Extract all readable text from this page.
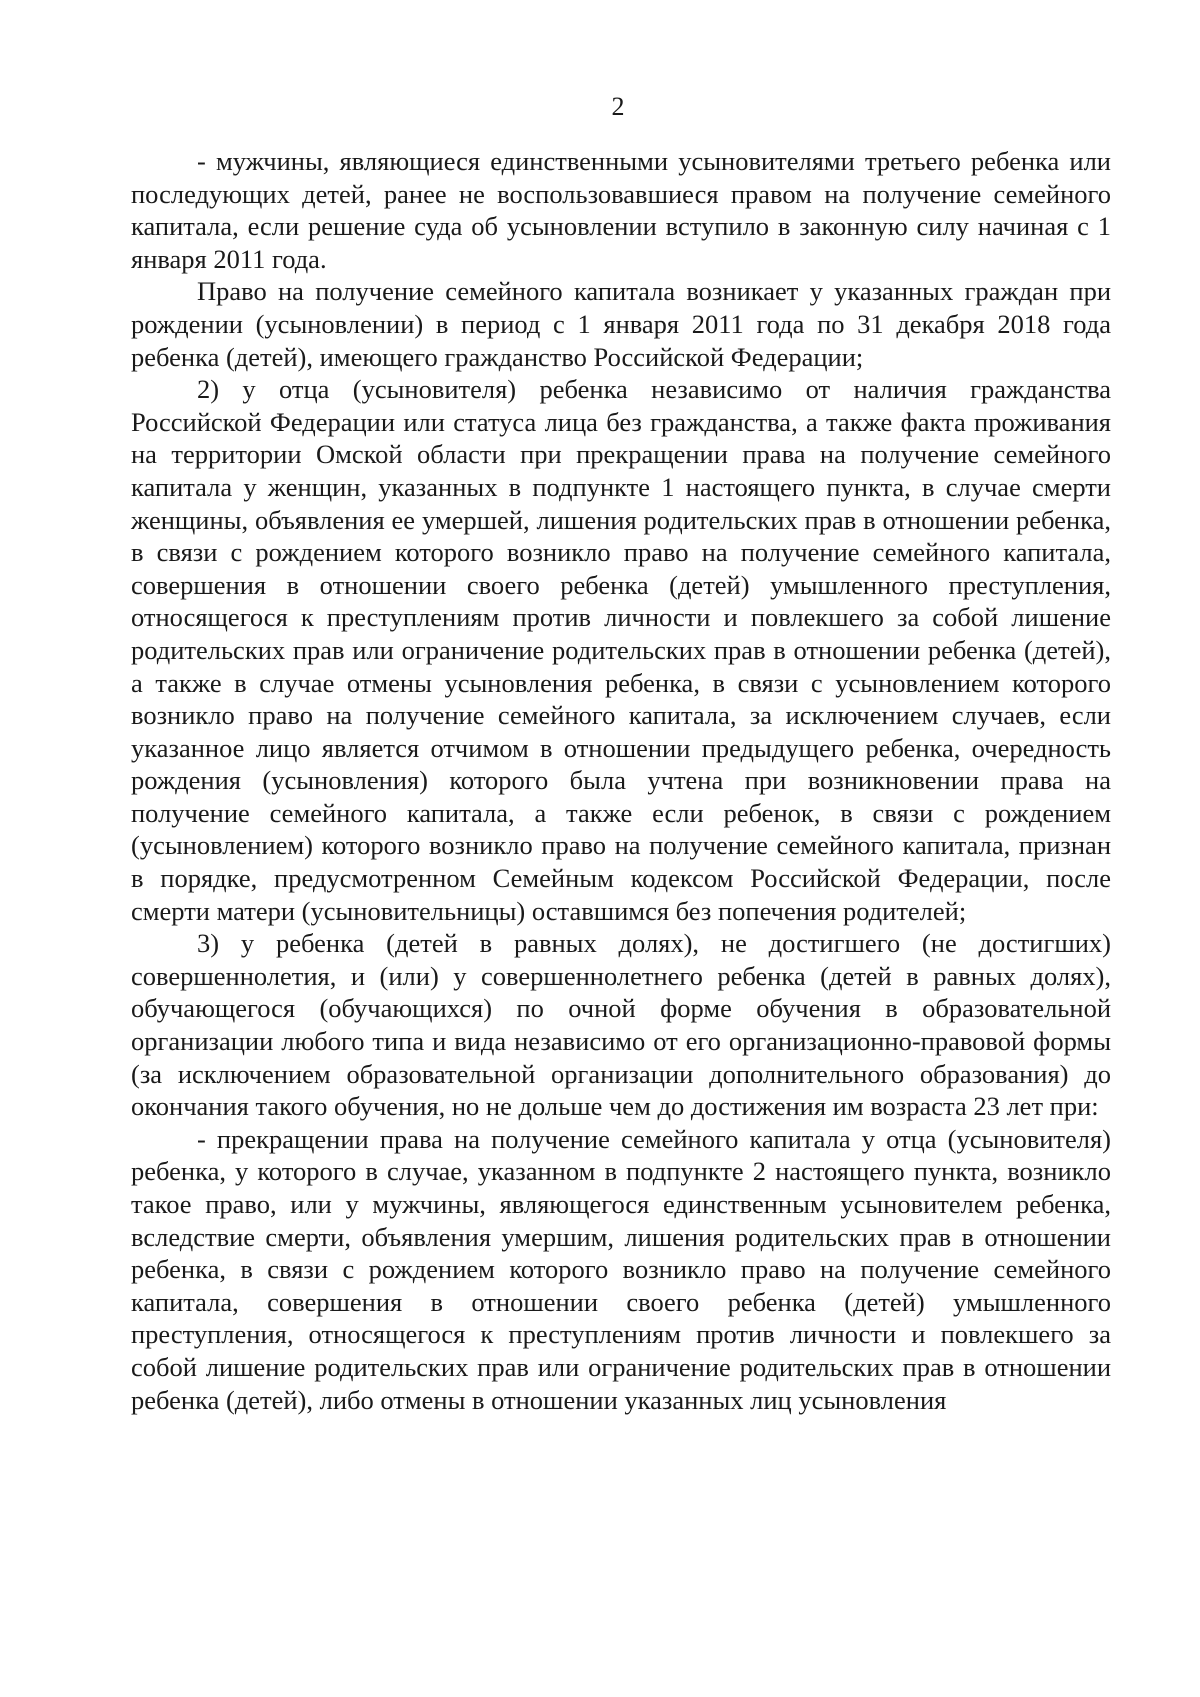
2

- мужчины, являющиеся единственными усыновителями третьего ребенка или последующих детей, ранее не воспользовавшиеся правом на получение семейного капитала, если решение суда об усыновлении вступило в законную силу начиная с 1 января 2011 года.

Право на получение семейного капитала возникает у указанных граждан при рождении (усыновлении) в период с 1 января 2011 года по 31 декабря 2018 года ребенка (детей), имеющего гражданство Российской Федерации;

2) у отца (усыновителя) ребенка независимо от наличия гражданства Российской Федерации или статуса лица без гражданства, а также факта проживания на территории Омской области при прекращении права на получение семейного капитала у женщин, указанных в подпункте 1 настоящего пункта, в случае смерти женщины, объявления ее умершей, лишения родительских прав в отношении ребенка, в связи с рождением которого возникло право на получение семейного капитала, совершения в отношении своего ребенка (детей) умышленного преступления, относящегося к преступлениям против личности и повлекшего за собой лишение родительских прав или ограничение родительских прав в отношении ребенка (детей), а также в случае отмены усыновления ребенка, в связи с усыновлением которого возникло право на получение семейного капитала, за исключением случаев, если указанное лицо является отчимом в отношении предыдущего ребенка, очередность рождения (усыновления) которого была учтена при возникновении права на получение семейного капитала, а также если ребенок, в связи с рождением (усыновлением) которого возникло право на получение семейного капитала, признан в порядке, предусмотренном Семейным кодексом Российской Федерации, после смерти матери (усыновительницы) оставшимся без попечения родителей;

3) у ребенка (детей в равных долях), не достигшего (не достигших) совершеннолетия, и (или) у совершеннолетнего ребенка (детей в равных долях), обучающегося (обучающихся) по очной форме обучения в образовательной организации любого типа и вида независимо от его организационно-правовой формы (за исключением образовательной организации дополнительного образования) до окончания такого обучения, но не дольше чем до достижения им возраста 23 лет при:

- прекращении права на получение семейного капитала у отца (усыновителя) ребенка, у которого в случае, указанном в подпункте 2 настоящего пункта, возникло такое право, или у мужчины, являющегося единственным усыновителем ребенка, вследствие смерти, объявления умершим, лишения родительских прав в отношении ребенка, в связи с рождением которого возникло право на получение семейного капитала, совершения в отношении своего ребенка (детей) умышленного преступления, относящегося к преступлениям против личности и повлекшего за собой лишение родительских прав или ограничение родительских прав в отношении ребенка (детей), либо отмены в отношении указанных лиц усыновления
